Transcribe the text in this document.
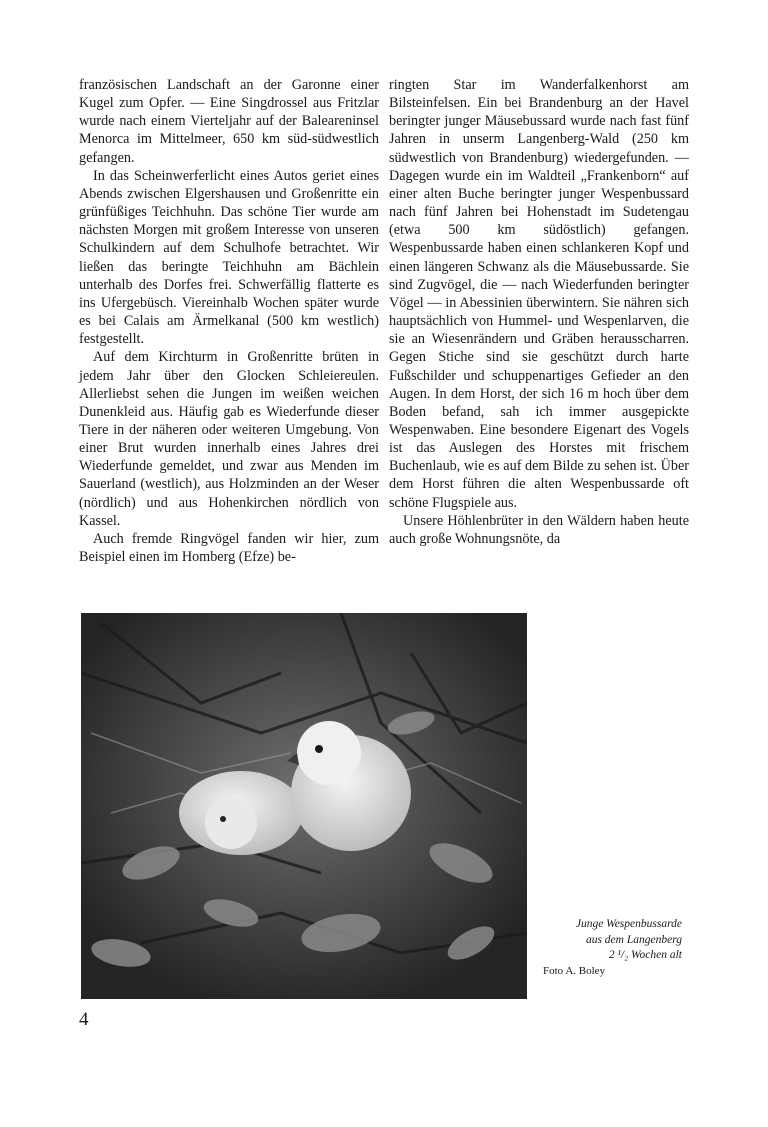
französischen Landschaft an der Garonne einer Kugel zum Opfer. — Eine Singdrossel aus Fritzlar wurde nach einem Vierteljahr auf der Baleareninsel Menorca im Mittelmeer, 650 km süd-südwestlich gefangen.

In das Scheinwerferlicht eines Autos geriet eines Abends zwischen Elgershausen und Großenritte ein grünfüßiges Teichhuhn. Das schöne Tier wurde am nächsten Morgen mit großem Interesse von unseren Schulkindern auf dem Schulhofe betrachtet. Wir ließen das beringte Teichhuhn am Bächlein unterhalb des Dorfes frei. Schwerfällig flatterte es ins Ufergebüsch. Viereinhalb Wochen später wurde es bei Calais am Ärmelkanal (500 km westlich) festgestellt.

Auf dem Kirchturm in Großenritte brüten in jedem Jahr über den Glocken Schleiereulen. Allerliebst sehen die Jungen im weißen weichen Dunenkleid aus. Häufig gab es Wiederfunde dieser Tiere in der näheren oder weiteren Umgebung. Von einer Brut wurden innerhalb eines Jahres drei Wiederfunde gemeldet, und zwar aus Menden im Sauerland (westlich), aus Holzminden an der Weser (nördlich) und aus Hohenkirchen nördlich von Kassel.

Auch fremde Ringvögel fanden wir hier, zum Beispiel einen im Homberg (Efze) be-

ringten Star im Wanderfalkenhorst am Bilsteinfelsen. Ein bei Brandenburg an der Havel beringter junger Mäusebussard wurde nach fast fünf Jahren in unserm Langenberg-Wald (250 km südwestlich von Brandenburg) wiedergefunden. — Dagegen wurde ein im Waldteil „Frankenborn“ auf einer alten Buche beringter junger Wespenbussard nach fünf Jahren bei Hohenstadt im Sudetengau (etwa 500 km südöstlich) gefangen. Wespenbussarde haben einen schlankeren Kopf und einen längeren Schwanz als die Mäusebussarde. Sie sind Zugvögel, die — nach Wiederfunden beringter Vögel — in Abessinien überwintern. Sie nähren sich hauptsächlich von Hummel- und Wespenlarven, die sie an Wiesenrändern und Gräben herausscharren. Gegen Stiche sind sie geschützt durch harte Fußschilder und schuppenartiges Gefieder an den Augen. In dem Horst, der sich 16 m hoch über dem Boden befand, sah ich immer ausgepickte Wespenwaben. Eine besondere Eigenart des Vogels ist das Auslegen des Horstes mit frischem Buchenlaub, wie es auf dem Bilde zu sehen ist. Über dem Horst führen die alten Wespenbussarde oft schöne Flugspiele aus.

Unsere Höhlenbrüter in den Wäldern haben heute auch große Wohnungsnöte, da

Junge Wespenbussarde
aus dem Langenberg
2 ¹/₂ Wochen alt
Foto A. Boley
4
